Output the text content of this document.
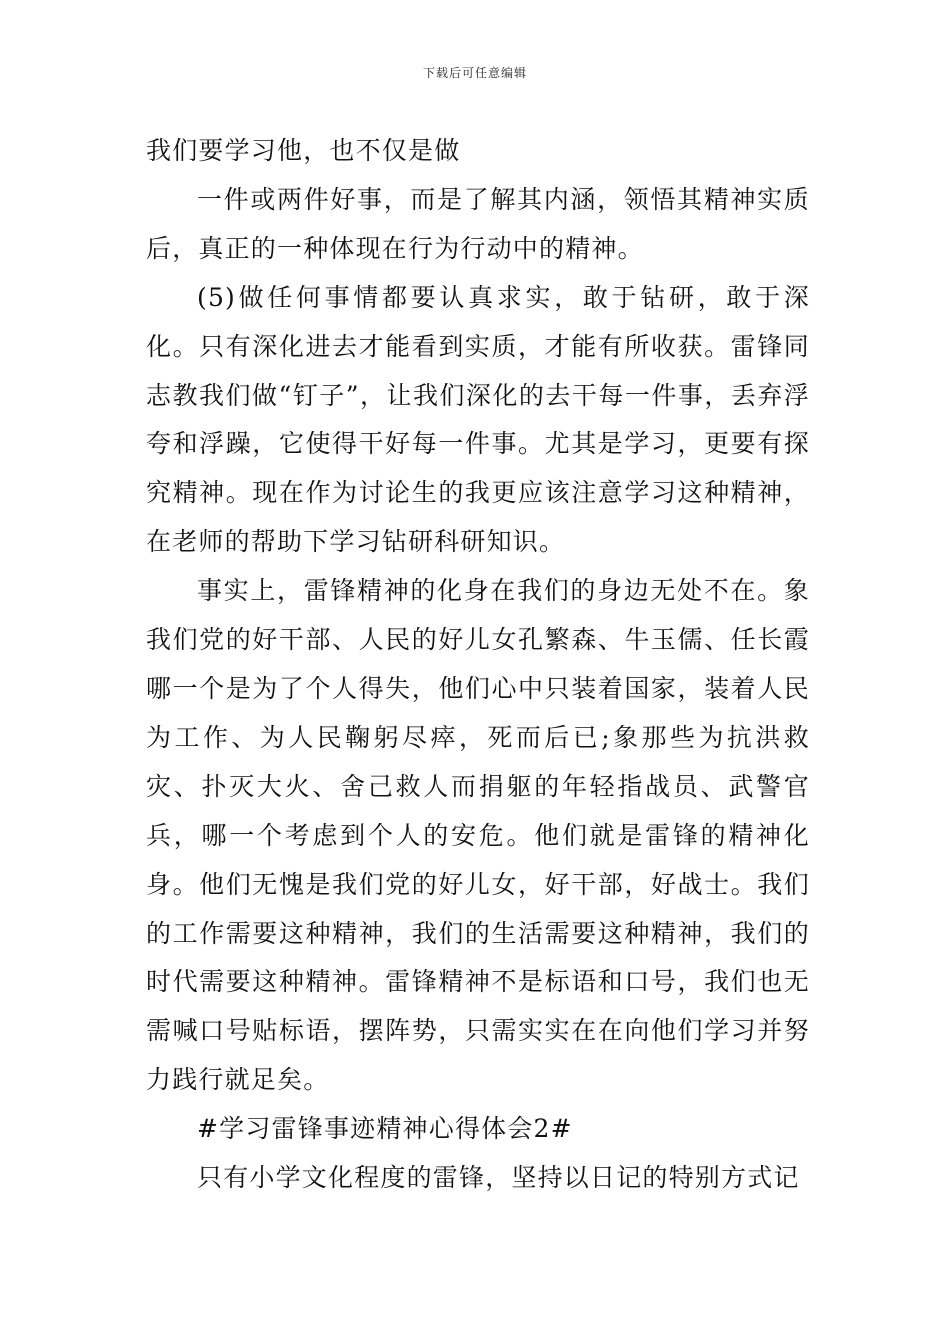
下载后可任意编辑

我们要学习他，也不仅是做

一件或两件好事，而是了解其内涵，领悟其精神实质后，真正的一种体现在行为行动中的精神。

(5)做任何事情都要认真求实，敢于钻研，敢于深化。只有深化进去才能看到实质，才能有所收获。雷锋同志教我们做“钉子”，让我们深化的去干每一件事，丢弃浮夸和浮躁，它使得干好每一件事。尤其是学习，更要有探究精神。现在作为讨论生的我更应该注意学习这种精神，在老师的帮助下学习钻研科研知识。

事实上，雷锋精神的化身在我们的身边无处不在。象我们党的好干部、人民的好儿女孔繁森、牛玉儒、任长霞哪一个是为了个人得失，他们心中只装着国家，装着人民为工作、为人民鞠躬尽瘁，死而后已;象那些为抗洪救灾、扑灭大火、舍己救人而捐躯的年轻指战员、武警官兵，哪一个考虑到个人的安危。他们就是雷锋的精神化身。他们无愧是我们党的好儿女，好干部，好战士。我们的工作需要这种精神，我们的生活需要这种精神，我们的时代需要这种精神。雷锋精神不是标语和口号，我们也无需喊口号贴标语，摆阵势，只需实实在在向他们学习并努力践行就足矣。

#学习雷锋事迹精神心得体会2#

只有小学文化程度的雷锋，坚持以日记的特别方式记
